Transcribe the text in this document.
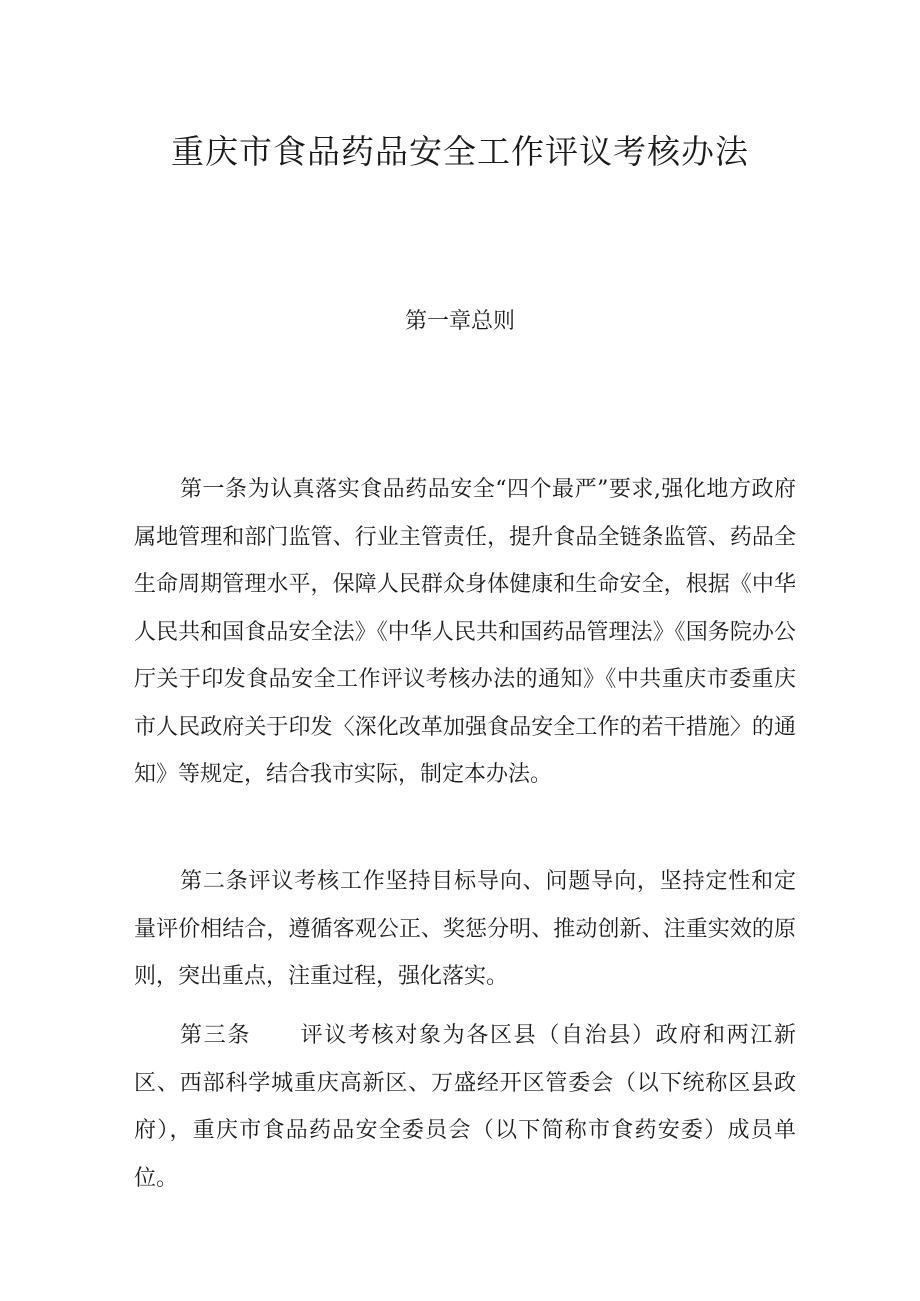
重庆市食品药品安全工作评议考核办法
第一章总则

第一条为认真落实食品药品安全“四个最严”要求,强化地方政府属地管理和部门监管、行业主管责任，提升食品全链条监管、药品全生命周期管理水平，保障人民群众身体健康和生命安全，根据《中华人民共和国食品安全法》《中华人民共和国药品管理法》《国务院办公厅关于印发食品安全工作评议考核办法的通知》《中共重庆市委重庆市人民政府关于印发〈深化改革加强食品安全工作的若干措施〉的通知》等规定，结合我市实际，制定本办法。

第二条评议考核工作坚持目标导向、问题导向，坚持定性和定量评价相结合，遵循客观公正、奖惩分明、推动创新、注重实效的原则，突出重点，注重过程，强化落实。

第三条 评议考核对象为各区县（自治县）政府和两江新区、西部科学城重庆高新区、万盛经开区管委会（以下统称区县政府），重庆市食品药品安全委员会（以下简称市食药安委）成员单位。
